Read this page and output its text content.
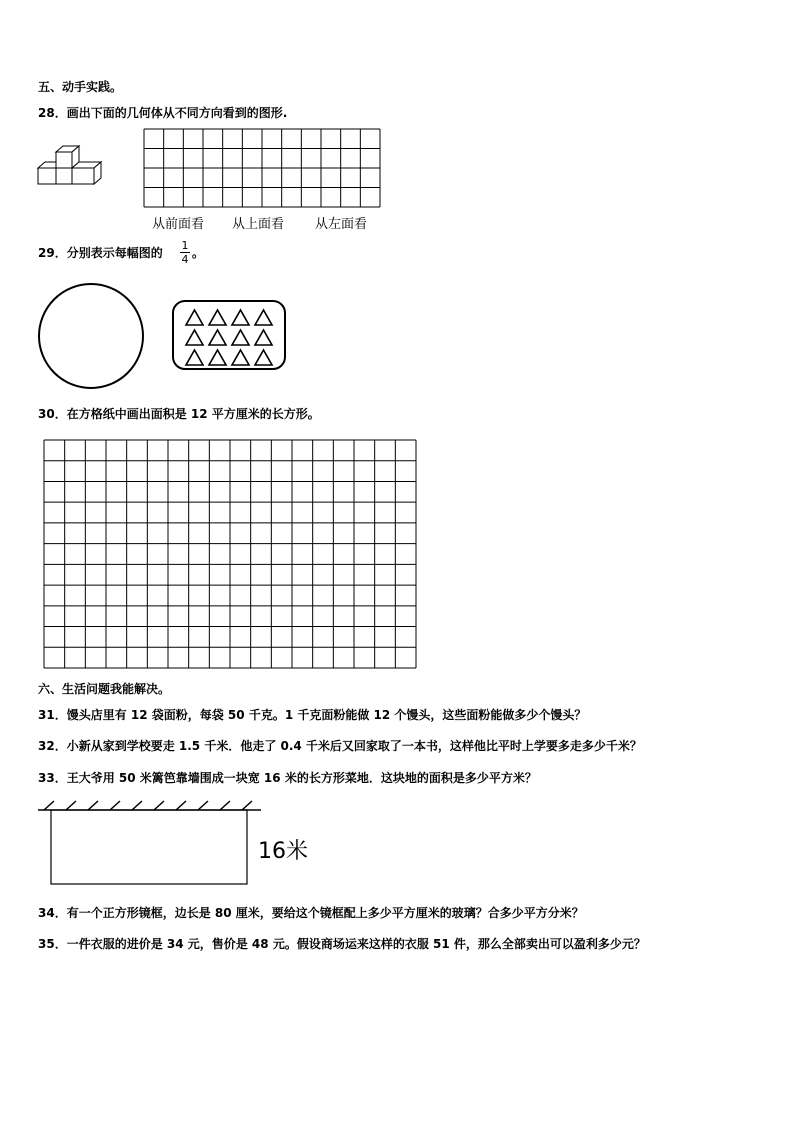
五、动手实践。
28．画出下面的几何体从不同方向看到的图形.
从前面看 从上面看 从左面看
29．分别表示每幅图的
1
4 。
30．在方格纸中画出面积是 12 平方厘米的长方形。
六、生活问题我能解决。
31．馒头店里有 12 袋面粉，每袋 50 千克。1 千克面粉能做 12 个馒头，这些面粉能做多少个馒头？
32．小新从家到学校要走 1.5 千米．他走了 0.4 千米后又回家取了一本书，这样他比平时上学要多走多少千米？
33．王大爷用 50 米篱笆靠墙围成一块宽 16 米的长方形菜地．这块地的面积是多少平方米？
16米
34．有一个正方形镜框，边长是 80 厘米，要给这个镜框配上多少平方厘米的玻璃？合多少平方分米？
35．一件衣服的进价是 34 元，售价是 48 元。假设商场运来这样的衣服 51 件，那么全部卖出可以盈利多少元？
